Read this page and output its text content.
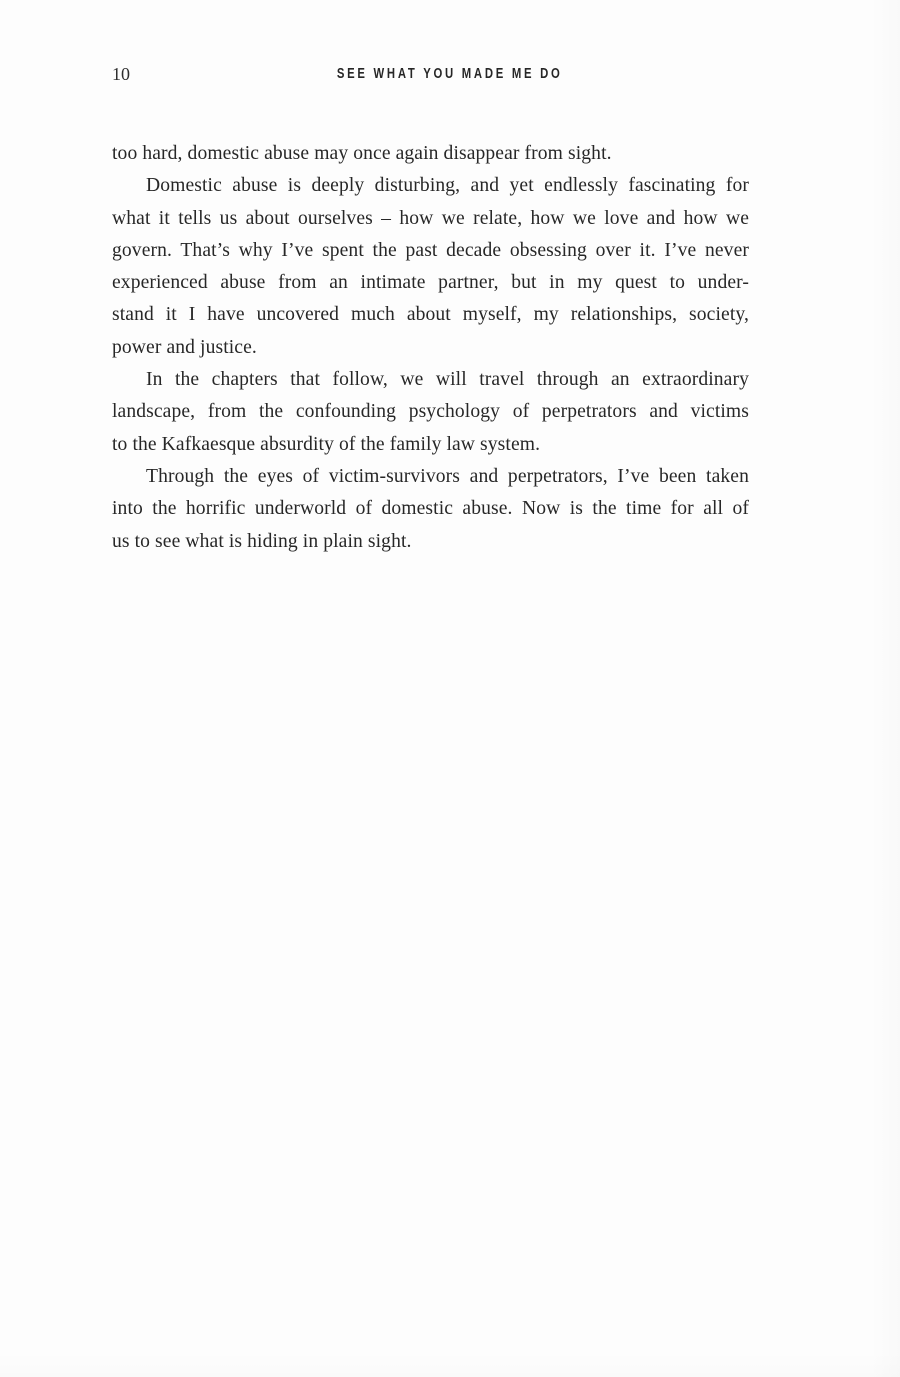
10	SEE WHAT YOU MADE ME DO
too hard, domestic abuse may once again disappear from sight.
Domestic abuse is deeply disturbing, and yet endlessly fascinating for
what it tells us about ourselves – how we relate, how we love and how we
govern. That’s why I’ve spent the past decade obsessing over it. I’ve never
experienced abuse from an intimate partner, but in my quest to under-
stand it I have uncovered much about myself, my relationships, society,
power and justice.
In the chapters that follow, we will travel through an extraordinary
landscape, from the confounding psychology of perpetrators and victims
to the Kafkaesque absurdity of the family law system.
Through the eyes of victim-survivors and perpetrators, I’ve been taken
into the horrific underworld of domestic abuse. Now is the time for all of
us to see what is hiding in plain sight.
